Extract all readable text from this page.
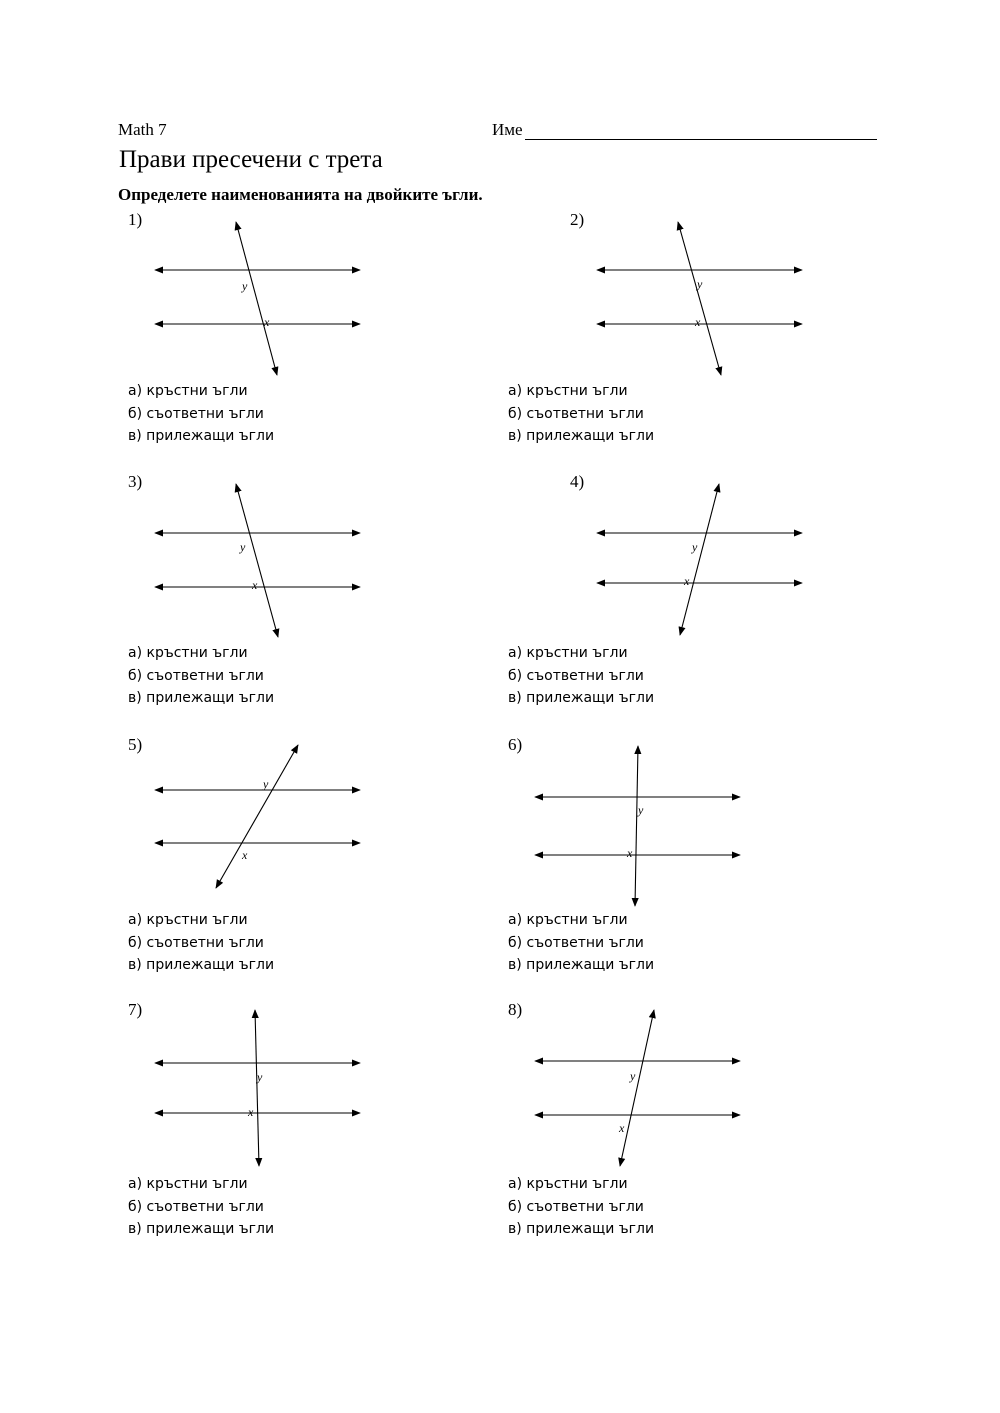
Math 7	Име
Прави пресечени с трета
Определете наименованията на двойките ъгли.
y
x
y
x
y
x
y
x
y
x
y
x
y
x
y
x
1)
а) кръстни ъгли
б) съответни ъгли
в) прилежащи ъгли
2)
а) кръстни ъгли
б) съответни ъгли
в) прилежащи ъгли
3)
а) кръстни ъгли
б) съответни ъгли
в) прилежащи ъгли
4)
а) кръстни ъгли
б) съответни ъгли
в) прилежащи ъгли
5)
а) кръстни ъгли
б) съответни ъгли
в) прилежащи ъгли
6)
а) кръстни ъгли
б) съответни ъгли
в) прилежащи ъгли
7)
а) кръстни ъгли
б) съответни ъгли
в) прилежащи ъгли
8)
а) кръстни ъгли
б) съответни ъгли
в) прилежащи ъгли
